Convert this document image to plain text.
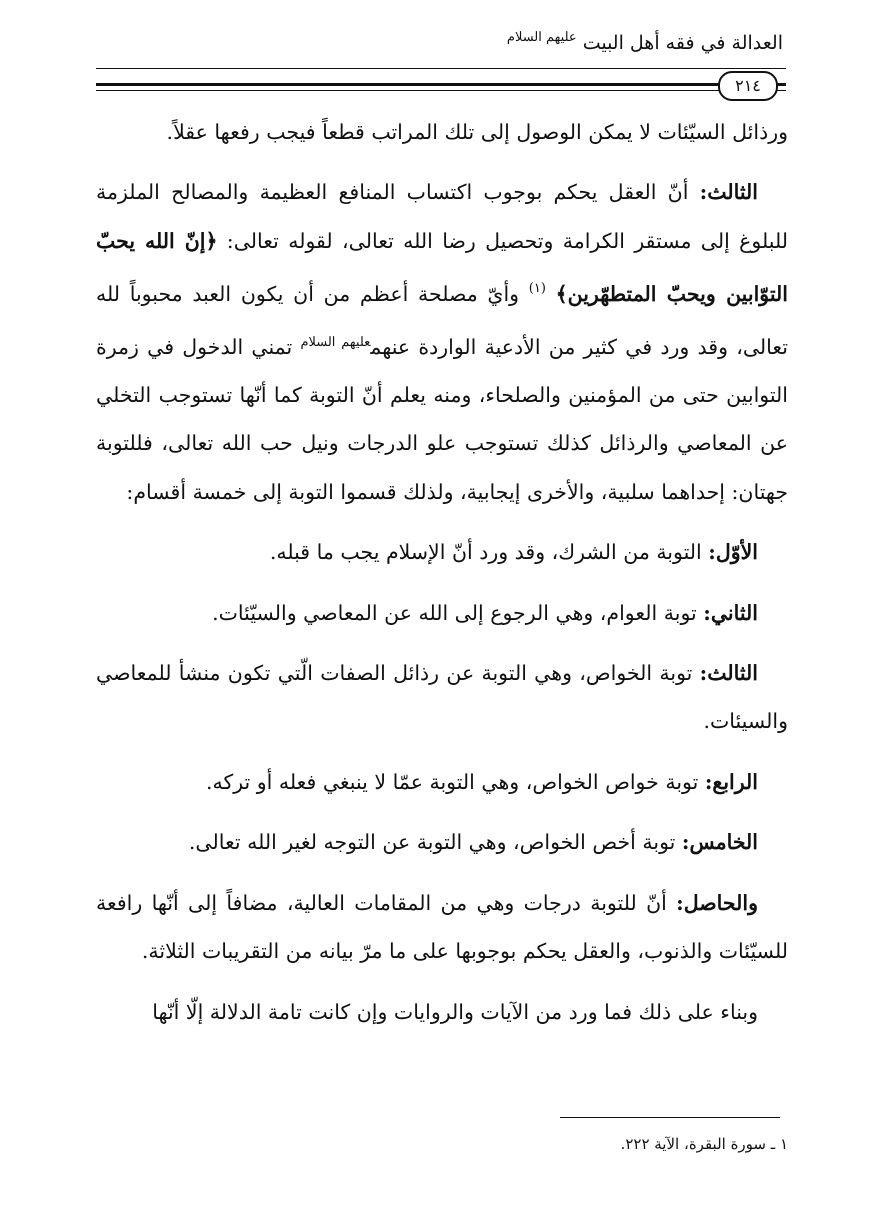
العدالة في فقه أهل البيت $^{عليهم السلام}$
٢١٤

ورذائل السيّئات لا يمكن الوصول إلى تلك المراتب قطعاً فيجب رفعها عقلاً.

الثالث: أنّ العقل يحكم بوجوب اكتساب المنافع العظيمة والمصالح الملزمة للبلوغ إلى مستقر الكرامة وتحصيل رضا الله تعالى، لقوله تعالى: ﴿إنّ الله يحبّ التوّابين ويحبّ المتطهّرين﴾ $^{(١)}$ وأيّ مصلحة أعظم من أن يكون العبد محبوباً لله تعالى، وقد ورد في كثير من الأدعية الواردة عنهم$^{عليهم السلام}$ تمني الدخول في زمرة التوابين حتى من المؤمنين والصلحاء، ومنه يعلم أنّ التوبة كما أنّها تستوجب التخلي عن المعاصي والرذائل كذلك تستوجب علو الدرجات ونيل حب الله تعالى، فللتوبة جهتان: إحداهما سلبية، والأخرى إيجابية، ولذلك قسموا التوبة إلى خمسة أقسام:

الأوّل: التوبة من الشرك، وقد ورد أنّ الإسلام يجب ما قبله.

الثاني: توبة العوام، وهي الرجوع إلى الله عن المعاصي والسيّئات.

الثالث: توبة الخواص، وهي التوبة عن رذائل الصفات الّتي تكون منشأ للمعاصي والسيئات.

الرابع: توبة خواص الخواص، وهي التوبة عمّا لا ينبغي فعله أو تركه.

الخامس: توبة أخص الخواص، وهي التوبة عن التوجه لغير الله تعالى.

والحاصل: أنّ للتوبة درجات وهي من المقامات العالية، مضافاً إلى أنّها رافعة للسيّئات والذنوب، والعقل يحكم بوجوبها على ما مرّ بيانه من التقريبات الثلاثة.

وبناء على ذلك فما ورد من الآيات والروايات وإن كانت تامة الدلالة إلّا أنّها

١ ـ سورة البقرة، الآية ٢٢٢.
